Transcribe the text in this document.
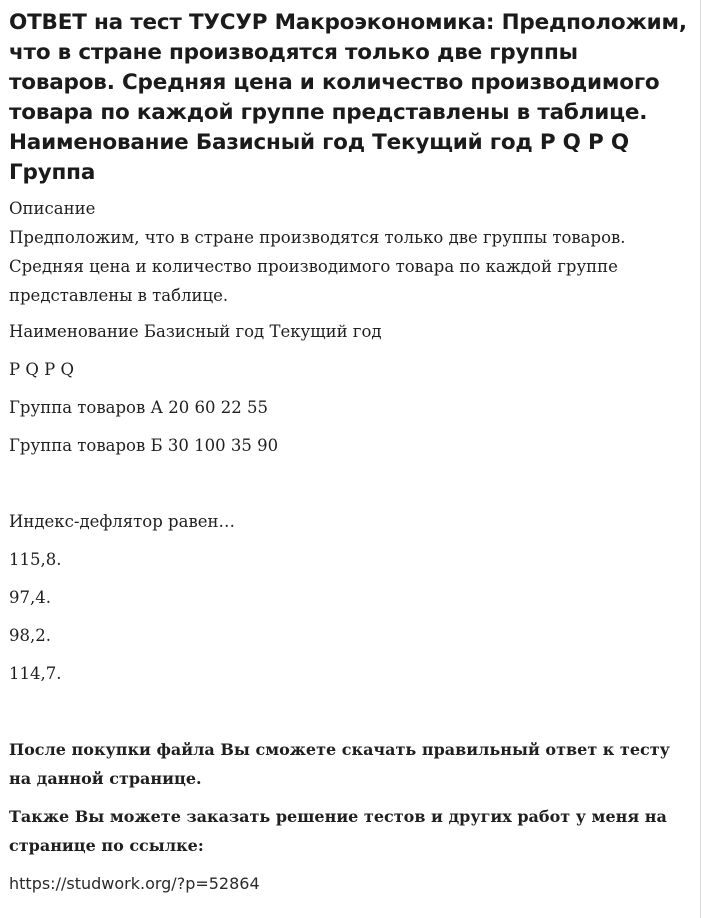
ОТВЕТ на тест ТУСУР Макроэкономика: Предположим, что в стране производятся только две группы товаров. Средняя цена и количество производимого товара по каждой группе представлены в таблице. Наименование Базисный год Текущий год P Q P Q Группа
Описание

Предположим, что в стране производятся только две группы товаров. Средняя цена и количество производимого товара по каждой группе представлены в таблице.

Наименование Базисный год Текущий год

P Q P Q

Группа товаров А 20 60 22 55

Группа товаров Б 30 100 35 90

Индекс-дефлятор равен…

115,8.

97,4.

98,2.

114,7.

После покупки файла Вы сможете скачать правильный ответ к тесту на данной странице.

Также Вы можете заказать решение тестов и других работ у меня на странице по ссылке:

https://studwork.org/?p=52864
